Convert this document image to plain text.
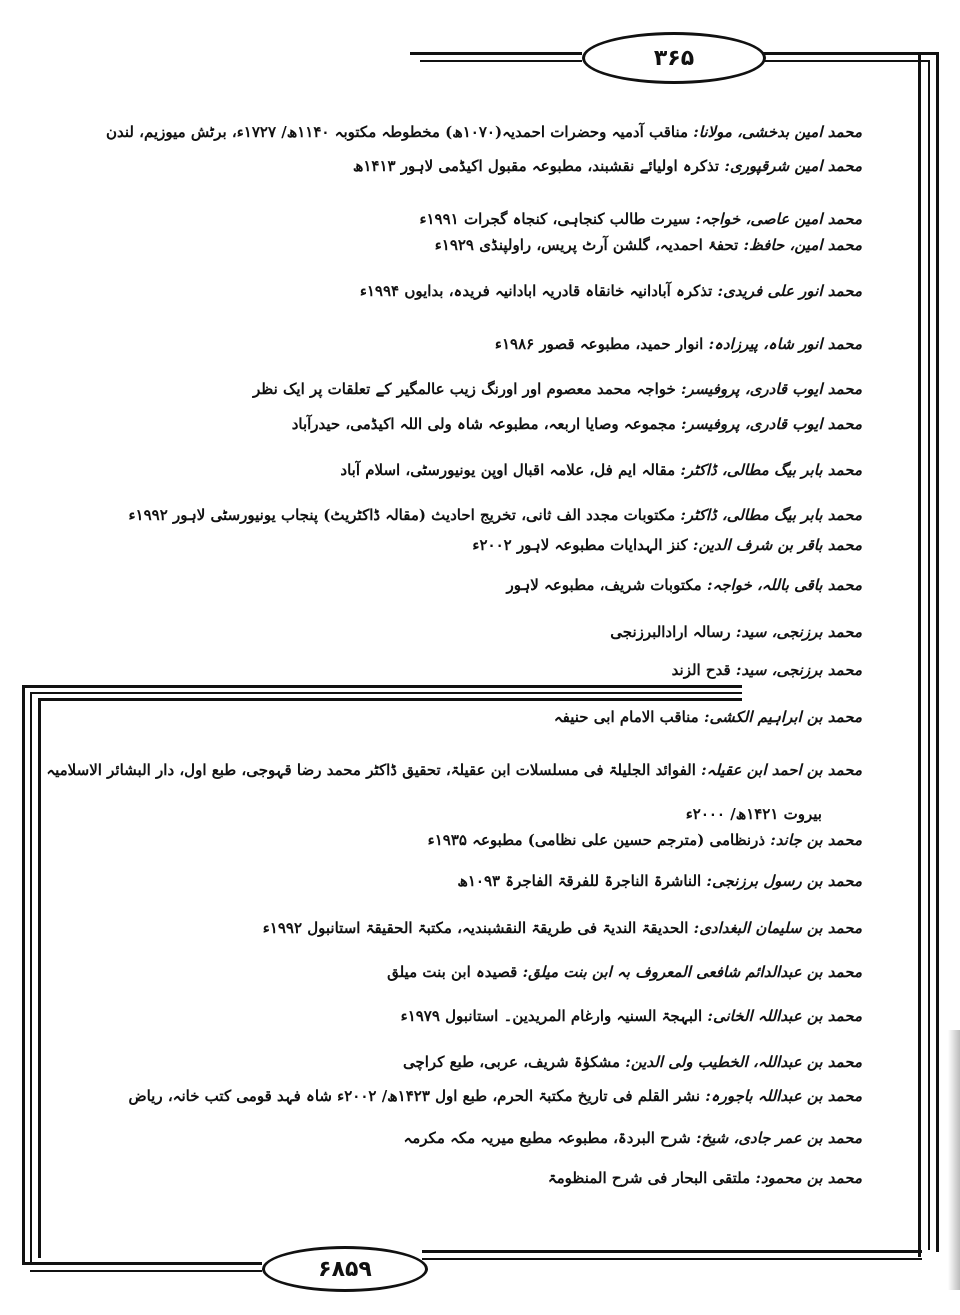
۳۶۵
۶۸۵۹
محمد امین بدخشی، مولانا: مناقب آدمیہ وحضرات احمدیہ(۱۰۷۰ھ) مخطوطہ مکتوبہ ۱۱۴۰ھ/ ۱۷۲۷ء، برٹش میوزیم، لندن
محمد امین شرقپوری: تذکرہ اولیائے نقشبند، مطبوعہ مقبول اکیڈمی لاہور ۱۴۱۳ھ
محمد امین عاصی، خواجہ: سیرت طالب کنجاہی، کنجاہ گجرات ۱۹۹۱ء
محمد امین، حافظ: تحفۂ احمدیہ، گلشن آرٹ پریس، راولپنڈی ۱۹۲۹ء
محمد انور علی فریدی: تذکرہ آبادانیہ خانقاہ قادریہ ابادانیہ فریدہ، بدایوں ۱۹۹۴ء
محمد انور شاہ، پیرزادہ: انوار حمید، مطبوعہ قصور ۱۹۸۶ء
محمد ایوب قادری، پروفیسر: خواجہ محمد معصوم اور اورنگ زیب عالمگیر کے تعلقات پر ایک نظر
محمد ایوب قادری، پروفیسر: مجموعہ وصایا اربعہ، مطبوعہ شاہ ولی اللہ اکیڈمی، حیدرآباد
محمد بابر بیگ مطالی، ڈاکٹر: مقالہ ایم فل، علامہ اقبال اوپن یونیورسٹی، اسلام آباد
محمد بابر بیگ مطالی، ڈاکٹر: مکتوبات مجدد الف ثانی، تخریج احادیث (مقالہ ڈاکٹریٹ) پنجاب یونیورسٹی لاہور ۱۹۹۲ء
محمد باقر بن شرف الدین: کنز الہدایات مطبوعہ لاہور ۲۰۰۲ء
محمد باقی باللہ، خواجہ: مکتوبات شریف، مطبوعہ لاہور
محمد برزنجی، سید: رسالہ ارادالبرزنجی
محمد برزنجی، سید: قدح الزند
محمد بن ابراہیم الکشی: مناقب الامام ابی حنیفہ
محمد بن احمد ابن عقیلہ: الفوائد الجلیلۃ فی مسلسلات ابن عقیلۃ، تحقیق ڈاکٹر محمد رضا قہوجی، طبع اول، دار البشائر الاسلامیہ
بیروت ۱۴۲۱ھ/ ۲۰۰۰ء
محمد بن جاند: ذرنظامی (مترجم حسین علی نظامی) مطبوعہ ۱۹۳۵ء
محمد بن رسول برزنجی: الناشرۃ الناجرۃ للفرقۃ الفاجرۃ ۱۰۹۳ھ
محمد بن سلیمان البغدادی: الحدیقۃ الندیۃ فی طریقۃ النقشبندیہ، مکتبۃ الحقیقۃ استانبول ۱۹۹۲ء
محمد بن عبدالدائم شافعی المعروف بہ ابن بنت میلق: قصیدہ ابن بنت میلق
محمد بن عبداللہ الخانی: البہجۃ السنیہ وارغام المریدین۔ استانبول ۱۹۷۹ء
محمد بن عبداللہ، الخطیب ولی الدین: مشکوٰۃ شریف، عربی، طبع کراچی
محمد بن عبداللہ باجورہ: نشر القلم فی تاریخ مکتبۃ الحرم، طبع اول ۱۴۲۳ھ/ ۲۰۰۲ء شاہ فہد قومی کتب خانہ، ریاض
محمد بن عمر جادی، شیخ: شرح البردۃ، مطبوعہ مطبع میریہ مکہ مکرمہ
محمد بن محمود: ملتقی البحار فی شرح المنظومۃ
